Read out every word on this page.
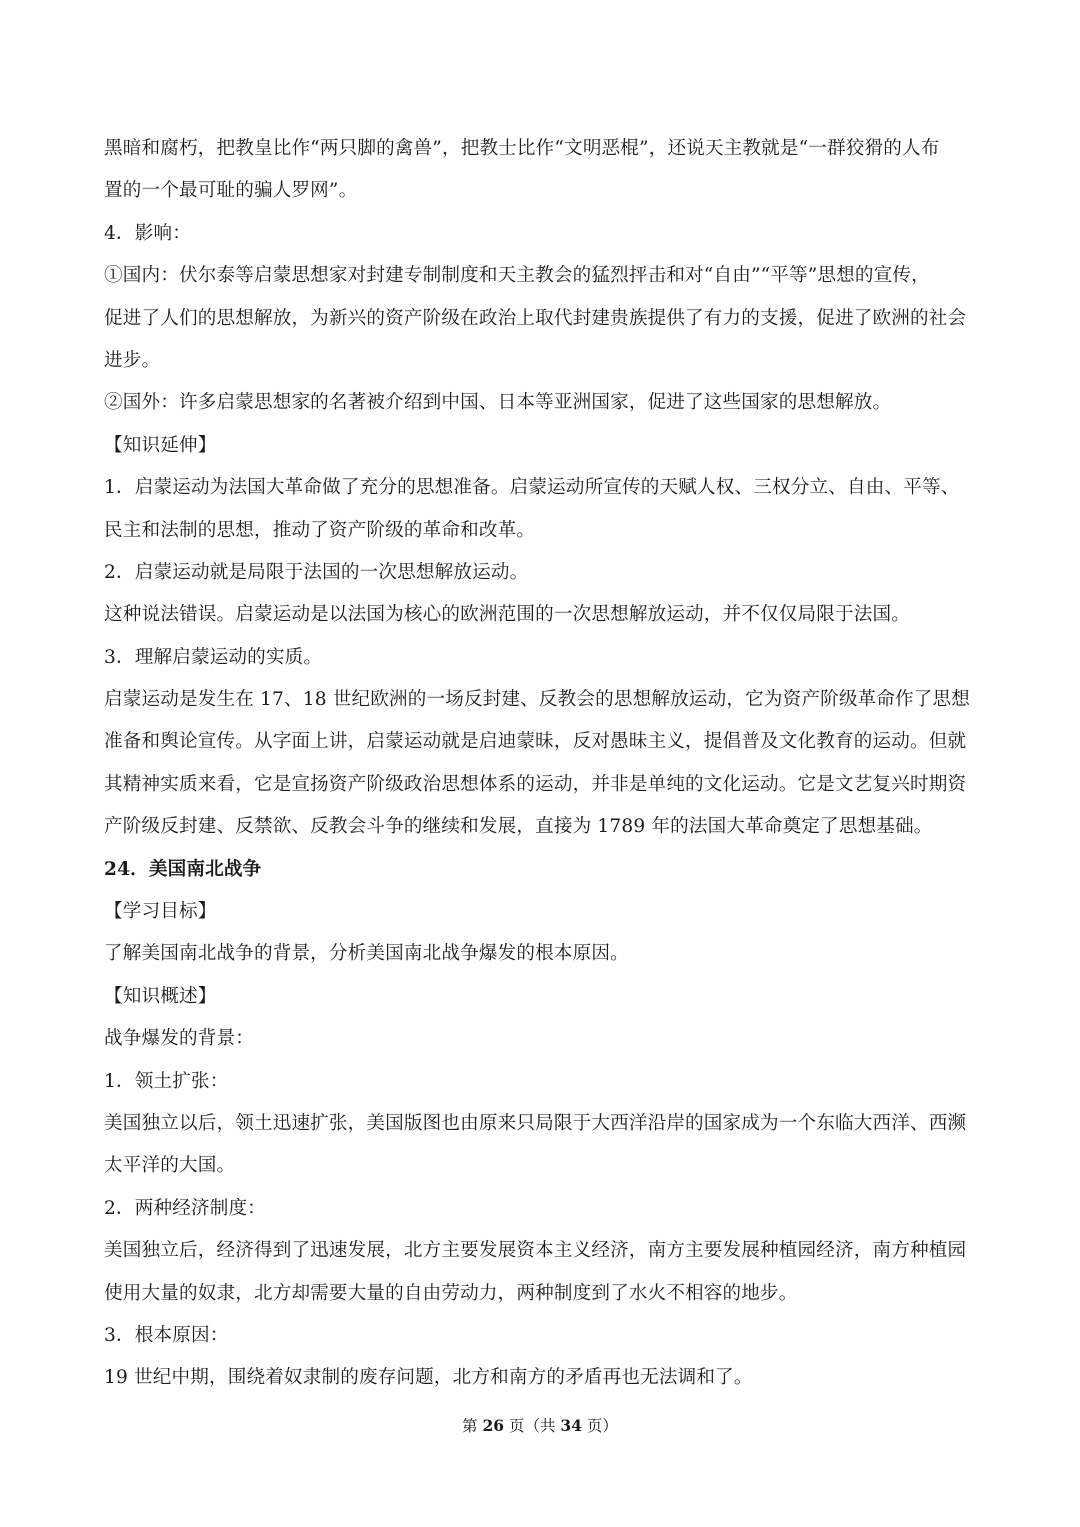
黑暗和腐朽，把教皇比作“两只脚的禽兽”，把教士比作“文明恶棍”，还说天主教就是“一群狡猾的人布
置的一个最可耻的骗人罗网”。
4．影响：
①国内：伏尔泰等启蒙思想家对封建专制制度和天主教会的猛烈抨击和对“自由”“平等”思想的宣传，
促进了人们的思想解放，为新兴的资产阶级在政治上取代封建贵族提供了有力的支援，促进了欧洲的社会
进步。
②国外：许多启蒙思想家的名著被介绍到中国、日本等亚洲国家，促进了这些国家的思想解放。
【知识延伸】
1．启蒙运动为法国大革命做了充分的思想准备。启蒙运动所宣传的天赋人权、三权分立、自由、平等、
民主和法制的思想，推动了资产阶级的革命和改革。
2．启蒙运动就是局限于法国的一次思想解放运动。
这种说法错误。启蒙运动是以法国为核心的欧洲范围的一次思想解放运动，并不仅仅局限于法国。
3．理解启蒙运动的实质。
启蒙运动是发生在 17、18 世纪欧洲的一场反封建、反教会的思想解放运动，它为资产阶级革命作了思想
准备和舆论宣传。从字面上讲，启蒙运动就是启迪蒙昧，反对愚昧主义，提倡普及文化教育的运动。但就
其精神实质来看，它是宣扬资产阶级政治思想体系的运动，并非是单纯的文化运动。它是文艺复兴时期资
产阶级反封建、反禁欲、反教会斗争的继续和发展，直接为 1789 年的法国大革命奠定了思想基础。
24．美国南北战争
【学习目标】
了解美国南北战争的背景，分析美国南北战争爆发的根本原因。
【知识概述】
战争爆发的背景：
1．领土扩张：
美国独立以后，领土迅速扩张，美国版图也由原来只局限于大西洋沿岸的国家成为一个东临大西洋、西濒
太平洋的大国。
2．两种经济制度：
美国独立后，经济得到了迅速发展，北方主要发展资本主义经济，南方主要发展种植园经济，南方种植园
使用大量的奴隶，北方却需要大量的自由劳动力，两种制度到了水火不相容的地步。
3．根本原因：
19 世纪中期，围绕着奴隶制的废存问题，北方和南方的矛盾再也无法调和了。
第 26 页（共 34 页）
